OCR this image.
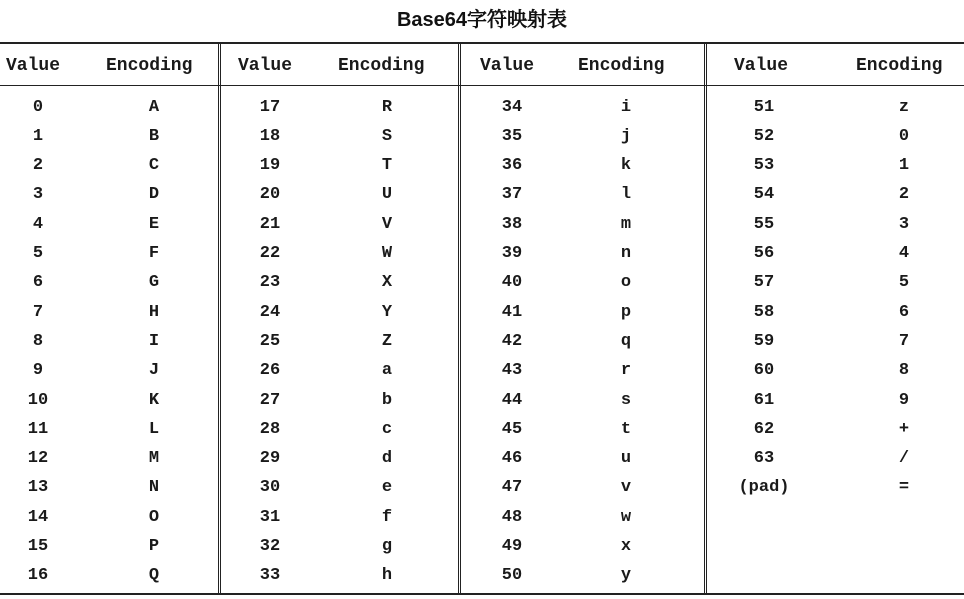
Base64字符映射表
Value	Encoding
0	A
1	B
2	C
3	D
4	E
5	F
6	G
7	H
8	I
9	J
10	K
11	L
12	M
13	N
14	O
15	P
16	Q
Value	Encoding
17	R
18	S
19	T
20	U
21	V
22	W
23	X
24	Y
25	Z
26	a
27	b
28	c
29	d
30	e
31	f
32	g
33	h
Value Encoding
34	i
35	j
36	k
37	l
38	m
39	n
40	o
41	p
42	q
43	r
44	s
45	t
46	u
47	v
48	w
49	x
50	y
Value	Encoding
51	z
52	0
53	1
54	2
55	3
56	4
57	5
58	6
59	7
60	8
61	9
62	+
63	/
(pad)	=
